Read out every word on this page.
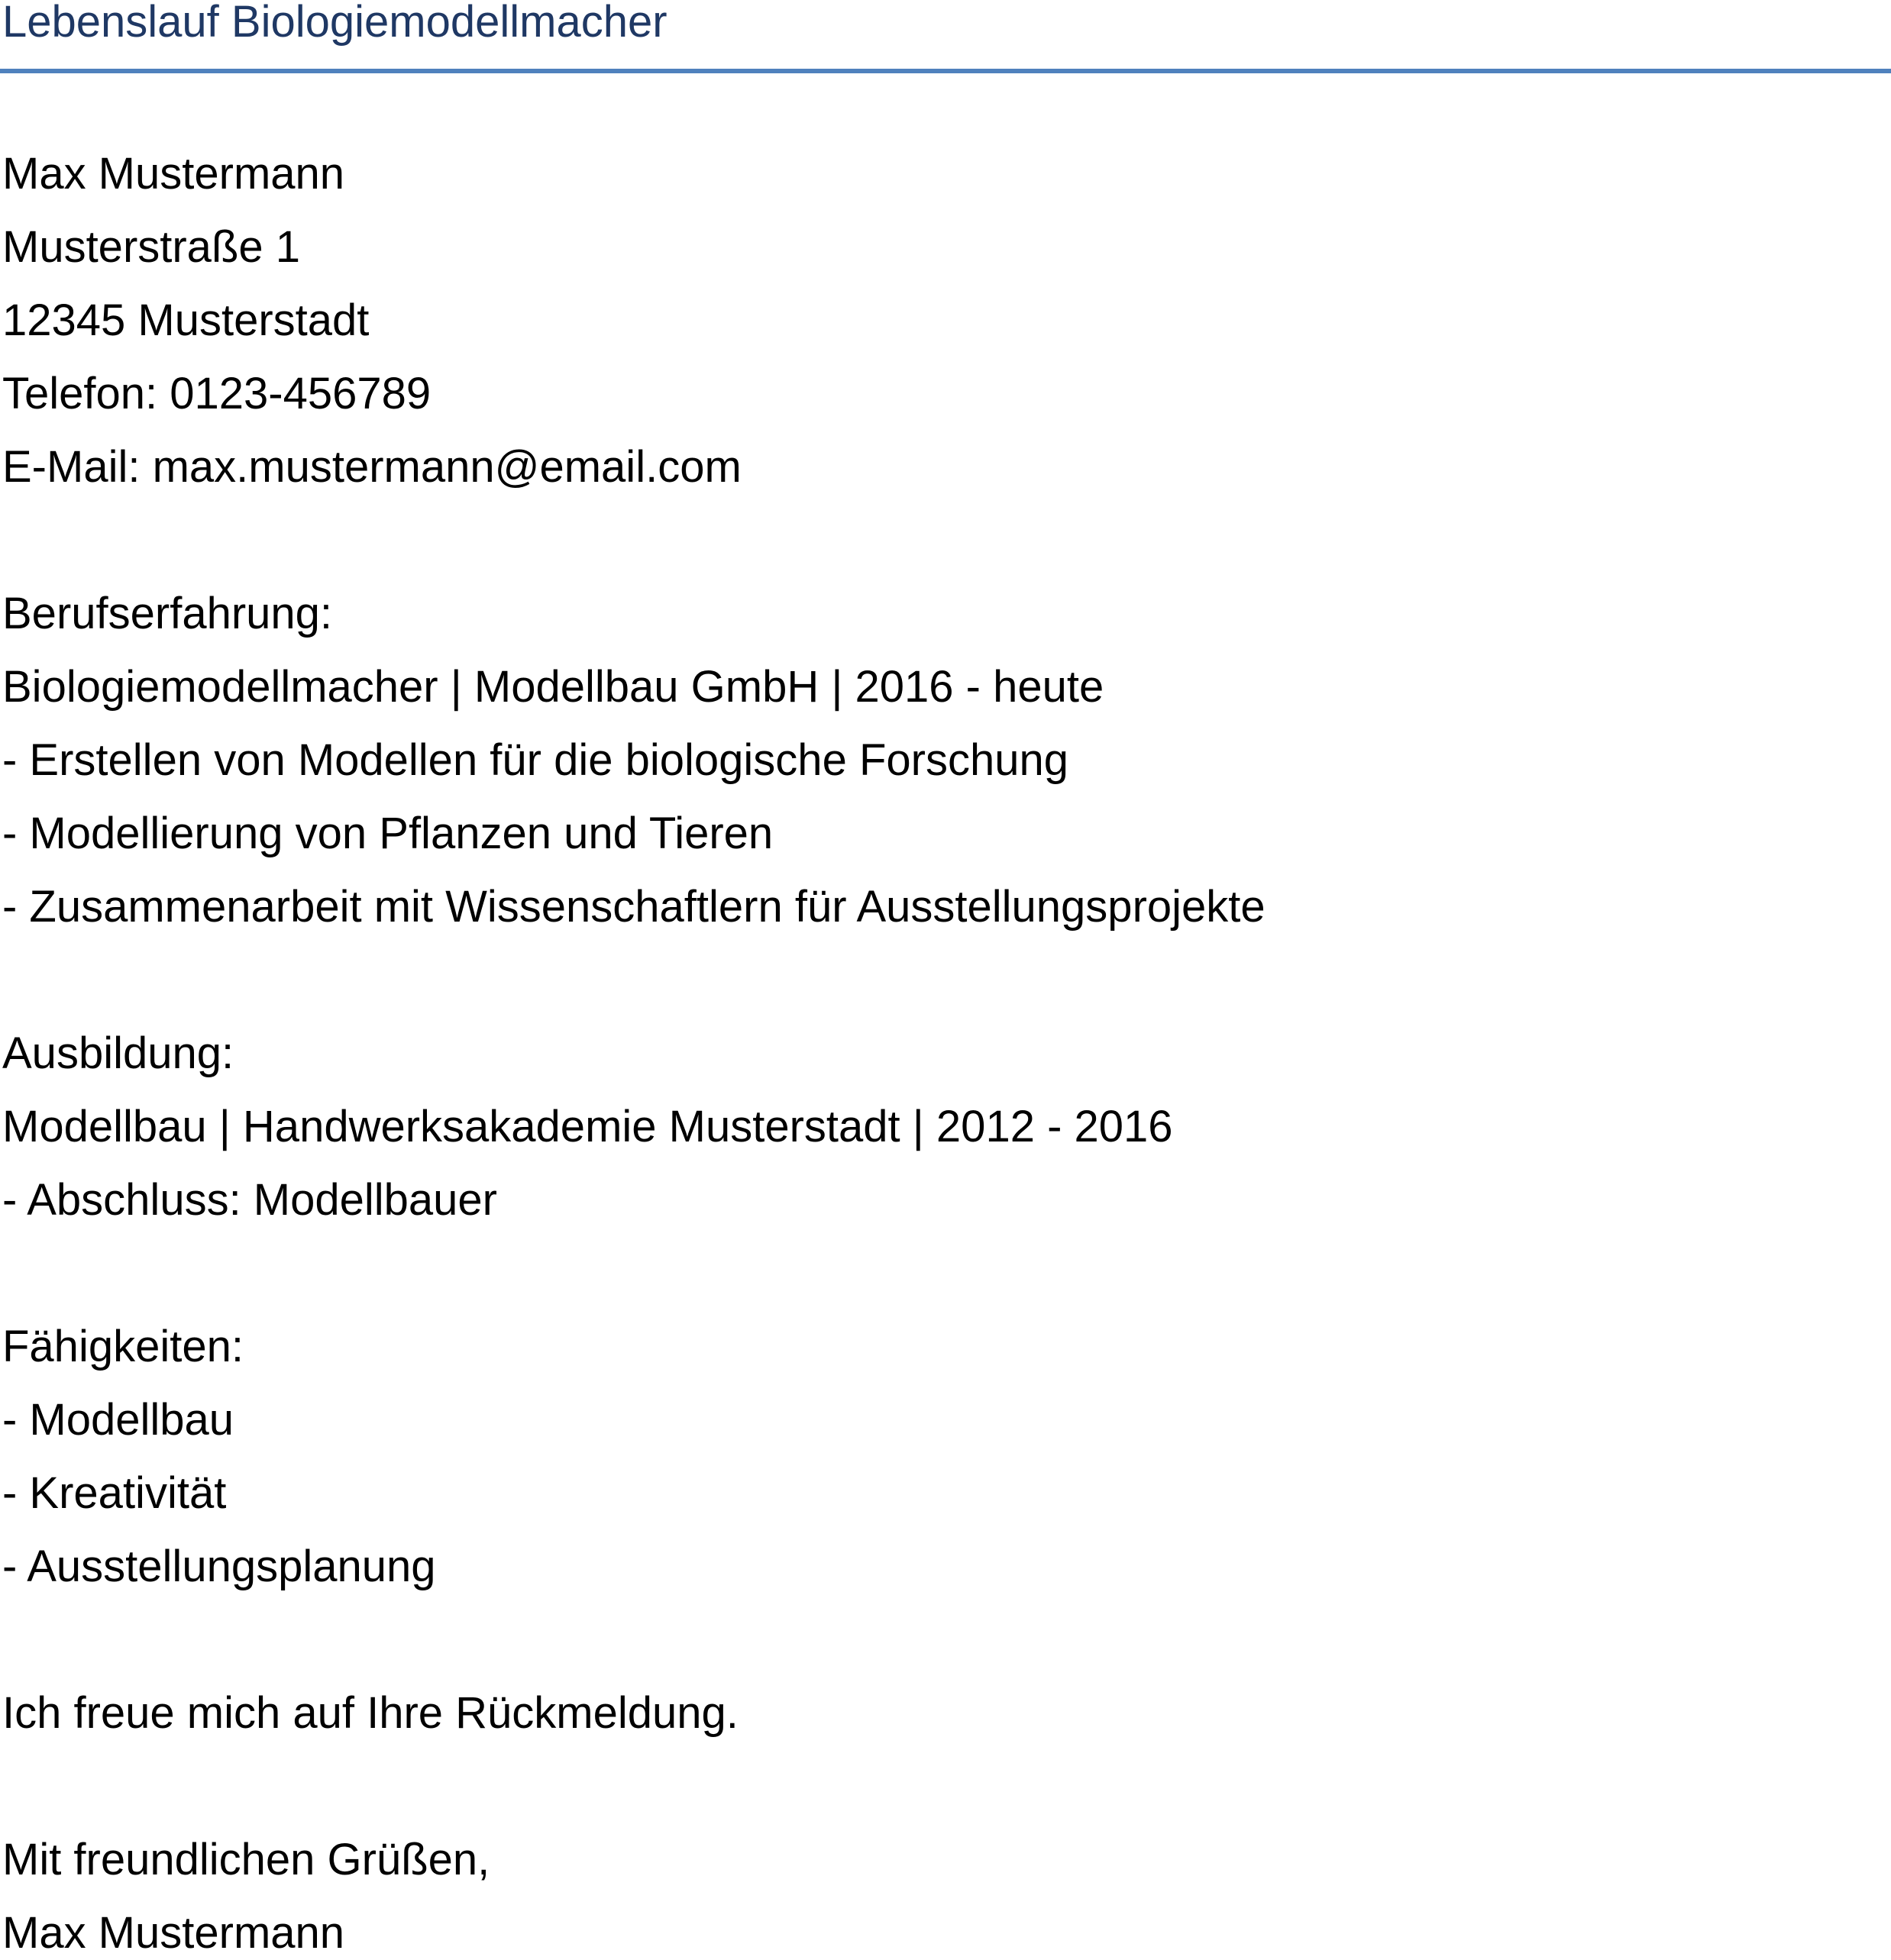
Lebenslauf Biologiemodellmacher
Max Mustermann
Musterstraße 1
12345 Musterstadt
Telefon: 0123-456789
E-Mail: max.mustermann@email.com
Berufserfahrung:
Biologiemodellmacher | Modellbau GmbH | 2016 - heute
- Erstellen von Modellen für die biologische Forschung
- Modellierung von Pflanzen und Tieren
- Zusammenarbeit mit Wissenschaftlern für Ausstellungsprojekte
Ausbildung:
Modellbau | Handwerksakademie Musterstadt | 2012 - 2016
- Abschluss: Modellbauer
Fähigkeiten:
- Modellbau
- Kreativität
- Ausstellungsplanung
Ich freue mich auf Ihre Rückmeldung.
Mit freundlichen Grüßen,
Max Mustermann
